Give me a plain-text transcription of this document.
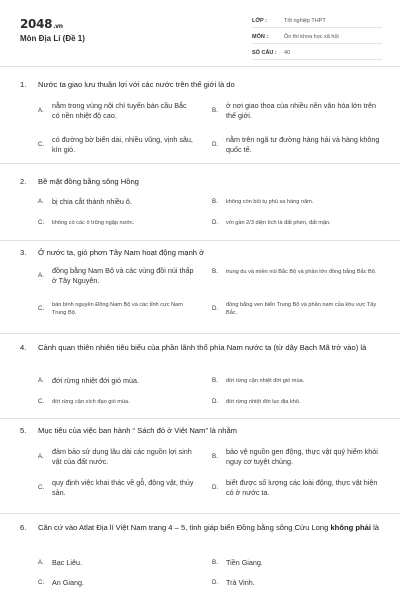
2048.vn
Môn Địa Lí (Đề 1)
LỚP :	Tốt nghiệp THPT
MÔN :	Ôn thi khoa học xã hội
SỐ CÂU :	40
1. Nước ta giao lưu thuận lợi với các nước trên thế giới là do
A.
nằm trong vùng nội chí tuyến bán cầu Bắc có nền nhiệt độ cao.
B.
ở nơi giao thoa của nhiều nền văn hóa lớn trên thế giới.
C.
có đường bờ biển dài, nhiều vũng, vịnh sâu, kín gió.
D.
nằm trên ngã tư đường hàng hải và hàng không quốc tế.
2. Bề mặt đồng bằng sông Hồng
A.	bị chia cắt thành nhiều ô.	B.	không còn bồi tụ phù sa hàng năm.
C.	không có các ô trũng ngập nước.	D.	với gần 2/3 diện tích là đất phèn, đất mặn.
3. Ở nước ta, gió phơn Tây Nam hoạt động mạnh ở
A.
đồng bằng Nam Bộ và các vùng đồi núi thấp ở Tây Nguyên.
B.	trung du và miền núi Bắc Bộ và phần lớn đồng bằng Bắc Bộ.
C.	bán bình nguyên Đông Nam Bộ và các tỉnh cực Nam Trung Bộ.
D.	đồng bằng ven biển Trung Bộ và phần nam của khu vực Tây Bắc.
4. Cảnh quan thiên nhiên tiêu biểu của phần lãnh thổ phía Nam nước ta (từ dãy Bạch Mã trở vào) là
A.	đới rừng nhiệt đới gió mùa.	B.	đới rừng cận nhiệt đới gió mùa.
C.	đới rừng cận xích đạo gió mùa.	D.	đới rừng nhiệt đới lục địa khô.
5. Mục tiêu của việc ban hành “ Sách đỏ ở Việt Nam” là nhằm
A.
đảm bảo sử dụng lâu dài các nguồn lợi sinh vật của đất nước.
B.
bảo vệ nguồn gen động, thực vật quý hiếm khỏi nguy cơ tuyệt chủng.
C.
quy định việc khai thác về gỗ, động vật, thủy sản.
D.
biết được số lượng các loài động, thực vật hiện có ở nước ta.
6. Căn cứ vào Atlat Địa lí Việt Nam trang 4 – 5, tỉnh giáp biển Đồng bằng sông Cửu Long không phải là
A.	Bạc Liêu.	B.	Tiền Giang.
C.	An Giang.	D.	Trà Vinh.
